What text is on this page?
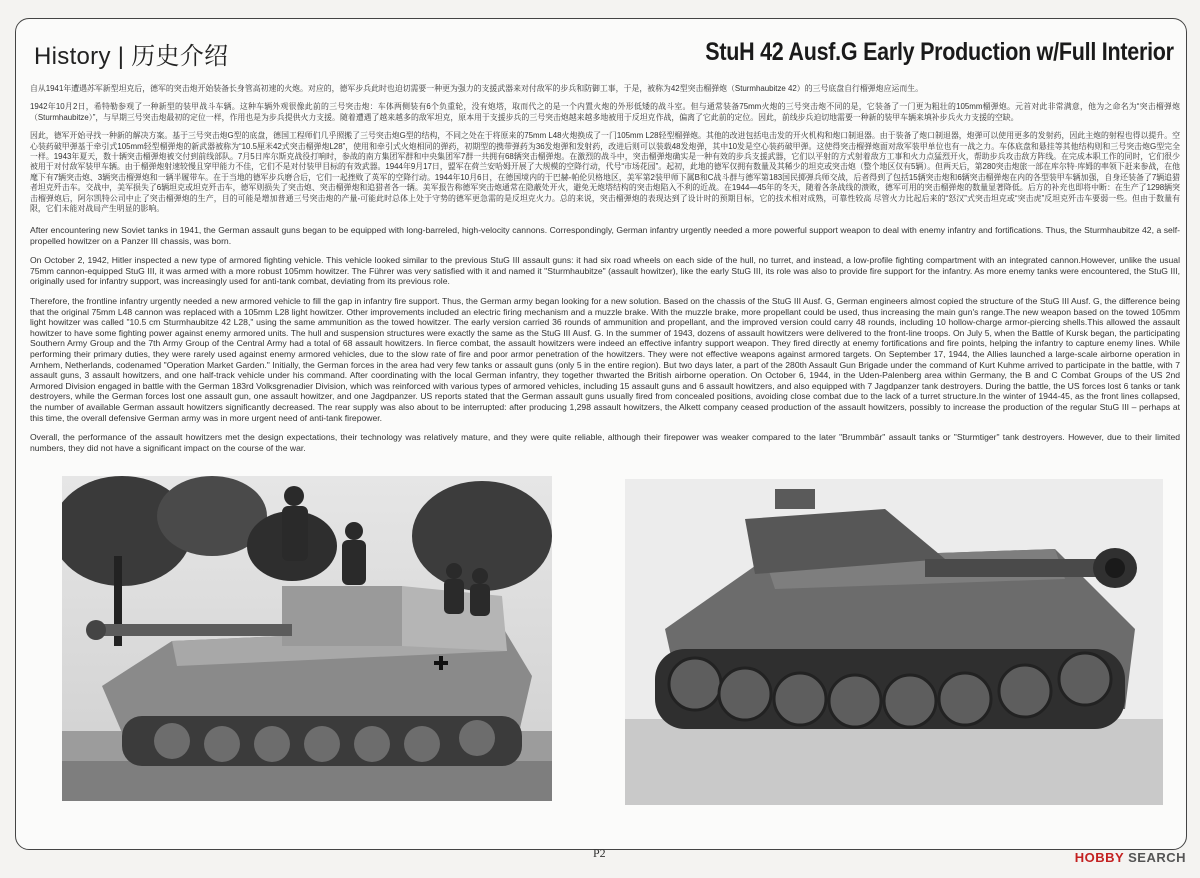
History | 历史介绍	StuH 42 Ausf.G Early Production w/Full Interior

自从1941年遭遇苏军新型坦克后，德军的突击炮开始装备长身管高初速的火炮。对应的，德军步兵此时也迫切需要一种更为强力的支援武器来对付敌军的步兵和防御工事，于是，被称为42型突击榴弹炮（Sturmhaubitze 42）的三号底盘自行榴弹炮应运而生。

1942年10月2日，希特勒参观了一种新型的装甲战斗车辆。这种车辆外观很像此前的三号突击炮：车体两侧装有6个负重轮，没有炮塔，取而代之的是一个内置火炮的外形低矮的战斗室。但与通常装备75mm火炮的三号突击炮不同的是，它装备了一门更为粗壮的105mm榴弹炮。元首对此非常满意，他为之命名为“突击榴弹炮（Sturmhaubitze）”，与早期三号突击炮最初的定位一样，作用也是为步兵提供火力支援。随着遭遇了越来越多的敌军坦克，原本用于支援步兵的三号突击炮越来越多地被用于反坦克作战，偏离了它此前的定位。因此，前线步兵迫切地需要一种新的装甲车辆来填补步兵火力支援的空缺。

因此，德军开始寻找一种新的解决方案。基于三号突击炮G型的底盘，德国工程师们几乎照搬了三号突击炮G型的结构，不同之处在于将原来的75mm L48火炮换成了一门105mm L28轻型榴弹炮。其他的改进包括电击发的开火机构和炮口制退器。由于装备了炮口制退器，炮弹可以使用更多的发射药，因此主炮的射程也得以提升。空心装药破甲弹基于牵引式105mm轻型榴弹炮的新武器被称为“10.5厘米42式突击榴弹炮L28”，使用和牵引式火炮相同的弹药，初期型的携带弹药为36发炮弹和发射药，改进后则可以装载48发炮弹，其中10发是空心装药破甲弹。这使得突击榴弹炮面对敌军装甲单位也有一战之力。车体底盘和悬挂等其他结构则和三号突击炮G型完全一样。1943年夏天，数十辆突击榴弹炮被交付到前线部队。7月5日库尔斯克战役打响时，参战的南方集团军群和中央集团军7群一共拥有68辆突击榴弹炮。在激烈的战斗中，突击榴弹炮确实是一种有效的步兵支援武器，它们以平射的方式射着敌方工事和火力点猛烈开火，帮助步兵攻击敌方阵线。在完成本职工作的同时，它们很少被用于对付敌军装甲车辆。由于榴弹炮射速较慢且穿甲能力不佳，它们不是对付装甲目标的有效武器。1944年9月17日，盟军在荷兰安哈姆开展了大规模的空降行动，代号“市场花园”。起初，此地的德军仅拥有数量及其稀少的坦克或突击炮（整个地区仅有5辆）。但两天后，第280突击炮旅一部在库尔特·库姆的率领下赶来参战，在他麾下有7辆突击炮、3辆突击榴弹炮和一辆半履带车。在于当地的德军步兵磨合后，它们一起挫败了英军的空降行动。1944年10月6日，在德国境内的于巴赫-帕伦贝格地区，美军第2装甲师下属B和C战斗群与德军第183国民掷弹兵师交战，后者得到了包括15辆突击炮和6辆突击榴弹炮在内的各型装甲车辆加强，自身还装备了7辆追猎者坦克歼击车。交战中，美军损失了6辆坦克或坦克歼击车，德军则损失了突击炮、突击榴弹炮和追猎者各一辆。美军报告称德军突击炮通常在隐蔽处开火，避免无炮塔结构的突击炮陷入不利的近战。在1944—45年的冬天，随着各条战线的溃败，德军可用的突击榴弹炮的数量显著降低。后方的补充也即将中断：在生产了1298辆突击榴弹炮后，阿尔凯特公司中止了突击榴弹炮的生产，目的可能是增加普通三号突击炮的产量-可能此时总体上处于守势的德军更急需的是反坦克火力。总的来说，突击榴弹炮的表现达到了设计时的预期目标，它的技术相对成熟，可靠性较高 尽管火力比起后来的“怒汉”式突击坦克或“突击虎”反坦克歼击车要弱一些。但由于数量有限，它们未能对战局产生明显的影响。

After encountering new Soviet tanks in 1941, the German assault guns began to be equipped with long-barreled, high-velocity cannons. Correspondingly, German infantry urgently needed a more powerful support weapon to deal with enemy infantry and fortifications. Thus, the Sturmhaubitze 42, a self-propelled howitzer on a Panzer III chassis, was born.

On October 2, 1942, Hitler inspected a new type of armored fighting vehicle. This vehicle looked similar to the previous StuG III assault guns: it had six road wheels on each side of the hull, no turret, and instead, a low-profile fighting compartment with an integrated cannon.However, unlike the usual 75mm cannon-equipped StuG III, it was armed with a more robust 105mm howitzer. The Führer was very satisfied with it and named it "Sturmhaubitze" (assault howitzer), like the early StuG III, its role was also to provide fire support for the infantry. As more enemy tanks were encountered, the StuG III, originally used for infantry support, was increasingly used for anti-tank combat, deviating from its previous role.

Therefore, the frontline infantry urgently needed a new armored vehicle to fill the gap in infantry fire support. Thus, the German army began looking for a new solution. Based on the chassis of the StuG III Ausf. G, German engineers almost copied the structure of the StuG III Ausf. G, the difference being that the original 75mm L48 cannon was replaced with a 105mm L28 light howitzer. Other improvements included an electric firing mechanism and a muzzle brake. With the muzzle brake, more propellant could be used, thus increasing the main gun's range.The new weapon based on the towed 105mm light howitzer was called "10.5 cm Sturmhaubitze 42 L28," using the same ammunition as the towed howitzer. The early version carried 36 rounds of ammunition and propellant, and the improved version could carry 48 rounds, including 10 hollow-charge armor-piercing shells.This allowed the assault howitzer to have some fighting power against enemy armored units. The hull and suspension structures were exactly the same as the StuG III Ausf. G. In the summer of 1943, dozens of assault howitzers were delivered to the front-line troops. On July 5, when the Battle of Kursk began, the participating Southern Army Group and the 7th Army Group of the Central Army had a total of 68 assault howitzers. In fierce combat, the assault howitzers were indeed an effective infantry support weapon. They fired directly at enemy fortifications and fire points, helping the infantry to capture enemy lines. While performing their primary duties, they were rarely used against enemy armored vehicles, due to the slow rate of fire and poor armor penetration of the howitzers. They were not effective weapons against armored targets. On September 17, 1944, the Allies launched a large-scale airborne operation in Arnhem, Netherlands, codenamed "Operation Market Garden." Initially, the German forces in the area had very few tanks or assault guns (only 5 in the entire region). But two days later, a part of the 280th Assault Gun Brigade under the command of Kurt Kuhme arrived to participate in the battle, with 7 assault guns, 3 assault howitzers, and one half-track vehicle under his command. After coordinating with the local German infantry, they together thwarted the British airborne operation. On October 6, 1944, in the Uden-Palenberg area within Germany, the B and C Combat Groups of the US 2nd Armored Division engaged in battle with the German 183rd Volksgrenadier Division, which was reinforced with various types of armored vehicles, including 15 assault guns and 6 assault howitzers, and also equipped with 7 Jagdpanzer tank destroyers. During the battle, the US forces lost 6 tanks or tank destroyers, while the German forces lost one assault gun, one assault howitzer, and one Jagdpanzer. US reports stated that the German assault guns usually fired from concealed positions, avoiding close combat due to the lack of a turret structure.In the winter of 1944-45, as the front lines collapsed, the number of available German assault howitzers significantly decreased. The rear supply was also about to be interrupted: after producing 1,298 assault howitzers, the Alkett company ceased production of the assault howitzers, possibly to increase the production of the regular StuG III – perhaps at this time, the overall defensive German army was in more urgent need of anti-tank firepower.

Overall, the performance of the assault howitzers met the design expectations, their technology was relatively mature, and they were quite reliable, although their firepower was weaker compared to the later "Brummbär" assault tanks or "Sturmtiger" tank destroyers. However, due to their limited numbers, they did not have a significant impact on the course of the war.

P2	HOBBY SEARCH
